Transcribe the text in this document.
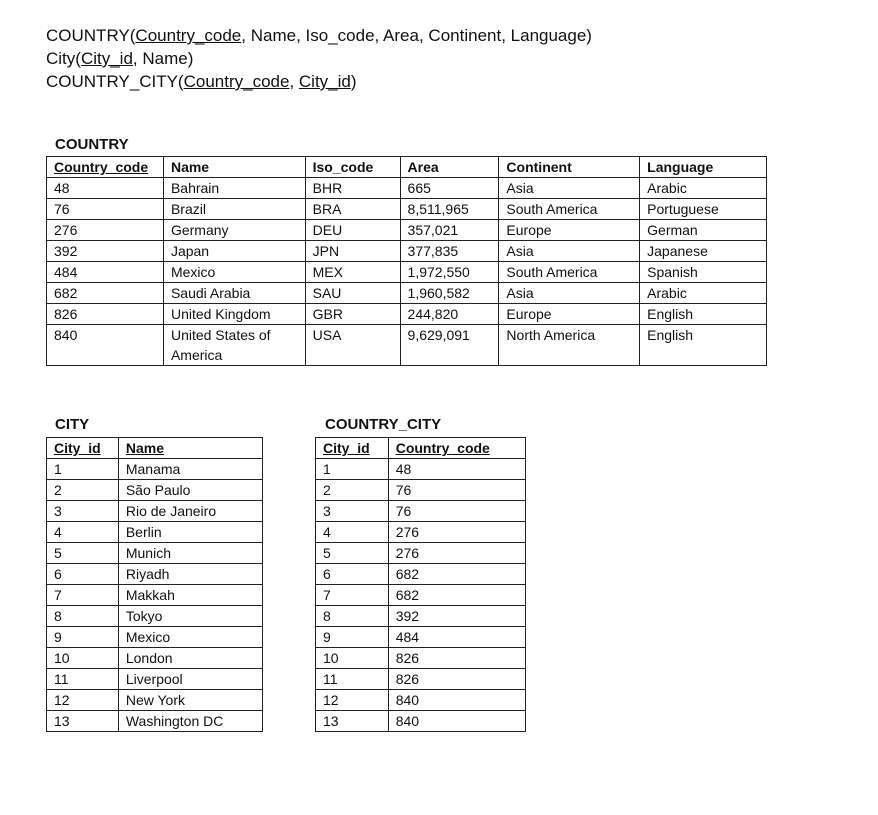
COUNTRY(Country_code, Name, Iso_code, Area, Continent, Language)
City(City_id, Name)
COUNTRY_CITY(Country_code, City_id)
COUNTRY
Country_code	Name	Iso_code	Area	Continent	Language
48	Bahrain	BHR	665	Asia	Arabic
76	Brazil	BRA	8,511,965	South America	Portuguese
276	Germany	DEU	357,021	Europe	German
392	Japan	JPN	377,835	Asia	Japanese
484	Mexico	MEX	1,972,550	South America	Spanish
682	Saudi Arabia	SAU	1,960,582	Asia	Arabic
826	United Kingdom	GBR	244,820	Europe	English
840	United States of America	USA	9,629,091	North America	English
CITY
City_id	Name
1	Manama
2	São Paulo
3	Rio de Janeiro
4	Berlin
5	Munich
6	Riyadh
7	Makkah
8	Tokyo
9	Mexico
10	London
11	Liverpool
12	New York
13	Washington DC
COUNTRY_CITY
City_id	Country_code
1	48
2	76
3	76
4	276
5	276
6	682
7	682
8	392
9	484
10	826
11	826
12	840
13	840
